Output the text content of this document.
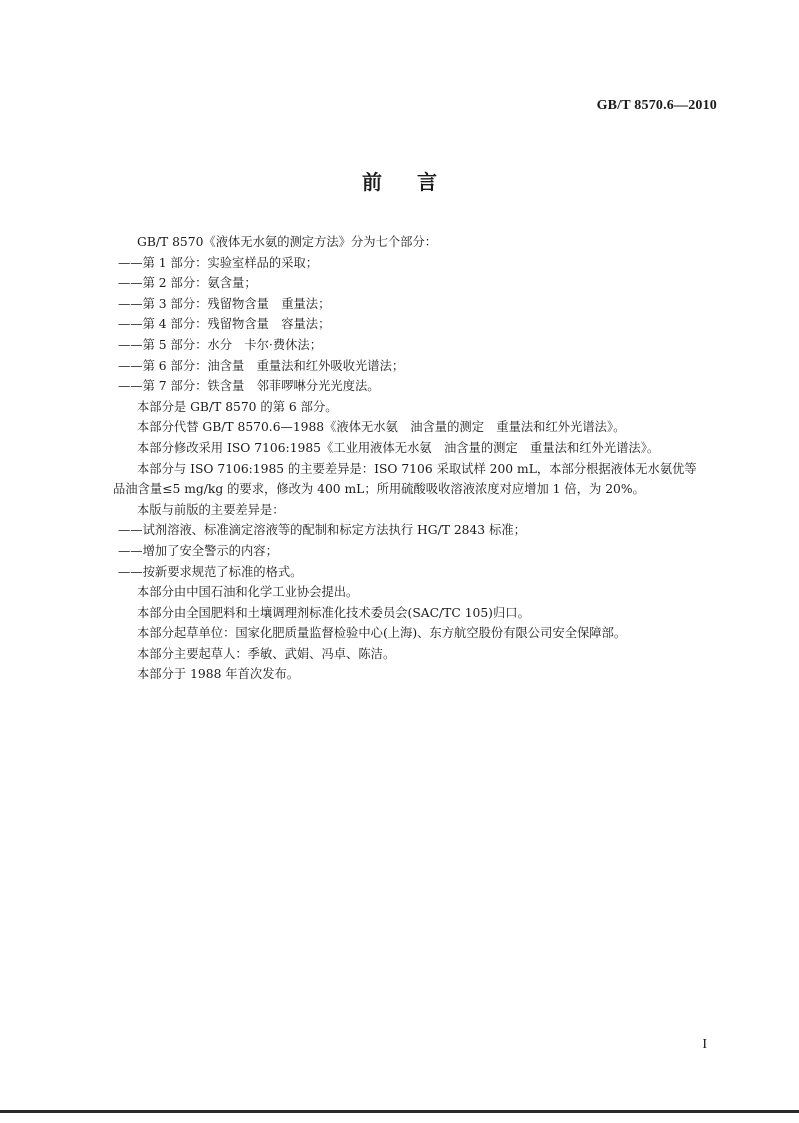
GB/T 8570.6—2010
前 言
GB/T 8570《液体无水氨的测定方法》分为七个部分：
——第 1 部分：实验室样品的采取；
——第 2 部分：氨含量；
——第 3 部分：残留物含量　重量法；
——第 4 部分：残留物含量　容量法；
——第 5 部分：水分　卡尔·费休法；
——第 6 部分：油含量　重量法和红外吸收光谱法；
——第 7 部分：铁含量　邻菲啰啉分光光度法。
本部分是 GB/T 8570 的第 6 部分。
本部分代替 GB/T 8570.6—1988《液体无水氨　油含量的测定　重量法和红外光谱法》。
本部分修改采用 ISO 7106:1985《工业用液体无水氨　油含量的测定　重量法和红外光谱法》。
本部分与 ISO 7106:1985 的主要差异是：ISO 7106 采取试样 200 mL，本部分根据液体无水氨优等
品油含量≤5 mg/kg 的要求，修改为 400 mL；所用硫酸吸收溶液浓度对应增加 1 倍，为 20%。
本版与前版的主要差异是：
——试剂溶液、标准滴定溶液等的配制和标定方法执行 HG/T 2843 标准；
——增加了安全警示的内容；
——按新要求规范了标准的格式。
本部分由中国石油和化学工业协会提出。
本部分由全国肥料和土壤调理剂标准化技术委员会(SAC/TC 105)归口。
本部分起草单位：国家化肥质量监督检验中心(上海)、东方航空股份有限公司安全保障部。
本部分主要起草人：季敏、武娟、冯卓、陈洁。
本部分于 1988 年首次发布。
I
